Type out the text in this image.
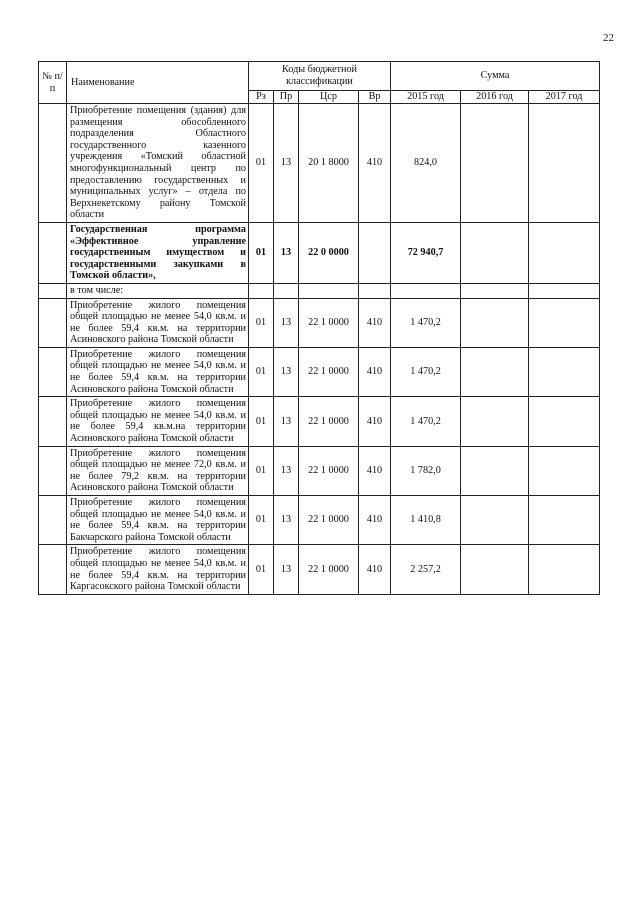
22
№ п/п	Наименование	Коды бюджетной классификации				Сумма		
		Рз	Пр	Цср	Вр	2015 год	2016 год	2017 год
	Приобретение помещения (здания) для размещения обособленного подразделения Областного государственного казенного учреждения «Томский областной многофункциональный центр по предоставлению государственных и муниципальных услуг» – отдела по Верхнекетскому району Томской области	01	13	20 1 8000	410	824,0		
	Государственная программа «Эффективное управление государственным имуществом и государственными закупками в Томской области»,	01	13	22 0 0000		72 940,7		
	в том числе:							
	Приобретение жилого помещения общей площадью не менее 54,0 кв.м. и не более 59,4 кв.м. на территории Асиновского района Томской области	01	13	22 1 0000	410	1 470,2		
	Приобретение жилого помещения общей площадью не менее 54,0 кв.м. и не более 59,4 кв.м. на территории Асиновского района Томской области	01	13	22 1 0000	410	1 470,2		
	Приобретение жилого помещения общей площадью не менее 54,0 кв.м. и не более 59,4 кв.м.на территории Асиновского района Томской области	01	13	22 1 0000	410	1 470,2		
	Приобретение жилого помещения общей площадью не менее 72,0 кв.м. и не более 79,2 кв.м. на территории Асиновского района Томской области	01	13	22 1 0000	410	1 782,0		
	Приобретение жилого помещения общей площадью не менее 54,0 кв.м. и не более 59,4 кв.м. на территории Бакчарского района Томской области	01	13	22 1 0000	410	1 410,8		
	Приобретение жилого помещения общей площадью не менее 54,0 кв.м. и не более 59,4 кв.м. на территории Каргасокского района Томской области	01	13	22 1 0000	410	2 257,2		
